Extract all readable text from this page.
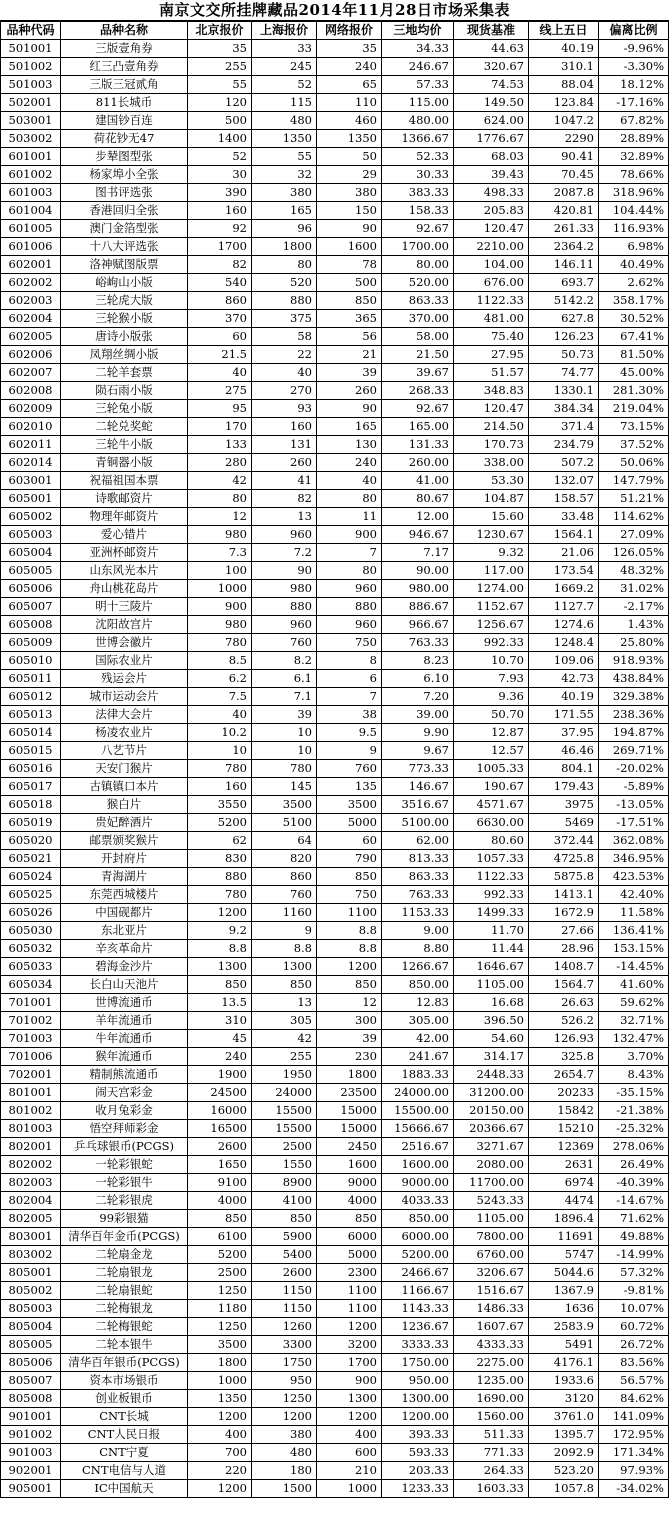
南京文交所挂牌藏品2014年11月28日市场采集表
品种代码	品种名称	北京报价	上海报价	网络报价	三地均价	现货基准	线上五日	偏离比例
501001	三版壹角券	35	33	35	34.33	44.63	40.19	-9.96%
501002	红三凸壹角券	255	245	240	246.67	320.67	310.1	-3.30%
501003	三版三冠贰角	55	52	65	57.33	74.53	88.04	18.12%
502001	811长城币	120	115	110	115.00	149.50	123.84	-17.16%
503001	建国钞百连	500	480	460	480.00	624.00	1047.2	67.82%
503002	荷花钞无47	1400	1350	1350	1366.67	1776.67	2290	28.89%
601001	步辇图型张	52	55	50	52.33	68.03	90.41	32.89%
601002	杨家埠小全张	30	32	29	30.33	39.43	70.45	78.66%
601003	图书评选张	390	380	380	383.33	498.33	2087.8	318.96%
601004	香港回归全张	160	165	150	158.33	205.83	420.81	104.44%
601005	澳门金箔型张	92	96	90	92.67	120.47	261.33	116.93%
601006	十八大评选张	1700	1800	1600	1700.00	2210.00	2364.2	6.98%
602001	洛神赋图版票	82	80	78	80.00	104.00	146.11	40.49%
602002	峪岣山小版	540	520	500	520.00	676.00	693.7	2.62%
602003	三轮虎大版	860	880	850	863.33	1122.33	5142.2	358.17%
602004	三轮猴小版	370	375	365	370.00	481.00	627.8	30.52%
602005	唐诗小版张	60	58	56	58.00	75.40	126.23	67.41%
602006	凤翔丝绸小版	21.5	22	21	21.50	27.95	50.73	81.50%
602007	二轮羊套票	40	40	39	39.67	51.57	74.77	45.00%
602008	陨石雨小版	275	270	260	268.33	348.83	1330.1	281.30%
602009	三轮兔小版	95	93	90	92.67	120.47	384.34	219.04%
602010	二轮兑奖蛇	170	160	165	165.00	214.50	371.4	73.15%
602011	三轮牛小版	133	131	130	131.33	170.73	234.79	37.52%
602014	青铜器小版	280	260	240	260.00	338.00	507.2	50.06%
603001	祝福祖国本票	42	41	40	41.00	53.30	132.07	147.79%
605001	诗歌邮资片	80	82	80	80.67	104.87	158.57	51.21%
605002	物理年邮资片	12	13	11	12.00	15.60	33.48	114.62%
605003	爱心错片	980	960	900	946.67	1230.67	1564.1	27.09%
605004	亚洲杯邮资片	7.3	7.2	7	7.17	9.32	21.06	126.05%
605005	山东风光本片	100	90	80	90.00	117.00	173.54	48.32%
605006	舟山桃花岛片	1000	980	960	980.00	1274.00	1669.2	31.02%
605007	明十三陵片	900	880	880	886.67	1152.67	1127.7	-2.17%
605008	沈阳故宫片	980	960	960	966.67	1256.67	1274.6	1.43%
605009	世博会徽片	780	760	750	763.33	992.33	1248.4	25.80%
605010	国际农业片	8.5	8.2	8	8.23	10.70	109.06	918.93%
605011	残运会片	6.2	6.1	6	6.10	7.93	42.73	438.84%
605012	城市运动会片	7.5	7.1	7	7.20	9.36	40.19	329.38%
605013	法律大会片	40	39	38	39.00	50.70	171.55	238.36%
605014	杨凌农业片	10.2	10	9.5	9.90	12.87	37.95	194.87%
605015	八艺节片	10	10	9	9.67	12.57	46.46	269.71%
605016	天安门猴片	780	780	760	773.33	1005.33	804.1	-20.02%
605017	古镇镇口本片	160	145	135	146.67	190.67	179.43	-5.89%
605018	猴白片	3550	3500	3500	3516.67	4571.67	3975	-13.05%
605019	贵妃醉酒片	5200	5100	5000	5100.00	6630.00	5469	-17.51%
605020	邮票颁奖猴片	62	64	60	62.00	80.60	372.44	362.08%
605021	开封府片	830	820	790	813.33	1057.33	4725.8	346.95%
605024	青海湖片	880	860	850	863.33	1122.33	5875.8	423.53%
605025	东莞西城楼片	780	760	750	763.33	992.33	1413.1	42.40%
605026	中国砚都片	1200	1160	1100	1153.33	1499.33	1672.9	11.58%
605030	东北亚片	9.2	9	8.8	9.00	11.70	27.66	136.41%
605032	辛亥革命片	8.8	8.8	8.8	8.80	11.44	28.96	153.15%
605033	碧海金沙片	1300	1300	1200	1266.67	1646.67	1408.7	-14.45%
605034	长白山天池片	850	850	850	850.00	1105.00	1564.7	41.60%
701001	世博流通币	13.5	13	12	12.83	16.68	26.63	59.62%
701002	羊年流通币	310	305	300	305.00	396.50	526.2	32.71%
701003	牛年流通币	45	42	39	42.00	54.60	126.93	132.47%
701006	猴年流通币	240	255	230	241.67	314.17	325.8	3.70%
702001	精制熊流通币	1900	1950	1800	1883.33	2448.33	2654.7	8.43%
801001	闹天宫彩金	24500	24000	23500	24000.00	31200.00	20233	-35.15%
801002	收月兔彩金	16000	15500	15000	15500.00	20150.00	15842	-21.38%
801003	悟空拜师彩金	16500	15500	15000	15666.67	20366.67	15210	-25.32%
802001	乒乓球银币(PCGS)	2600	2500	2450	2516.67	3271.67	12369	278.06%
802002	一轮彩银蛇	1650	1550	1600	1600.00	2080.00	2631	26.49%
802003	一轮彩银牛	9100	8900	9000	9000.00	11700.00	6974	-40.39%
802004	二轮彩银虎	4000	4100	4000	4033.33	5243.33	4474	-14.67%
802005	99彩银猫	850	850	850	850.00	1105.00	1896.4	71.62%
803001	清华百年金币(PCGS)	6100	5900	6000	6000.00	7800.00	11691	49.88%
803002	二轮扇金龙	5200	5400	5000	5200.00	6760.00	5747	-14.99%
805001	二轮扇银龙	2500	2600	2300	2466.67	3206.67	5044.6	57.32%
805002	二轮扇银蛇	1250	1150	1100	1166.67	1516.67	1367.9	-9.81%
805003	二轮梅银龙	1180	1150	1100	1143.33	1486.33	1636	10.07%
805004	二轮梅银蛇	1250	1260	1200	1236.67	1607.67	2583.9	60.72%
805005	二轮本银牛	3500	3300	3200	3333.33	4333.33	5491	26.72%
805006	清华百年银币(PCGS)	1800	1750	1700	1750.00	2275.00	4176.1	83.56%
805007	资本市场银币	1000	950	900	950.00	1235.00	1933.6	56.57%
805008	创业板银币	1350	1250	1300	1300.00	1690.00	3120	84.62%
901001	CNT长城	1200	1200	1200	1200.00	1560.00	3761.0	141.09%
901002	CNT人民日报	400	380	400	393.33	511.33	1395.7	172.95%
901003	CNT宁夏	700	480	600	593.33	771.33	2092.9	171.34%
902001	CNT电信与人道	220	180	210	203.33	264.33	523.20	97.93%
905001	IC中国航天	1200	1500	1000	1233.33	1603.33	1057.8	-34.02%
